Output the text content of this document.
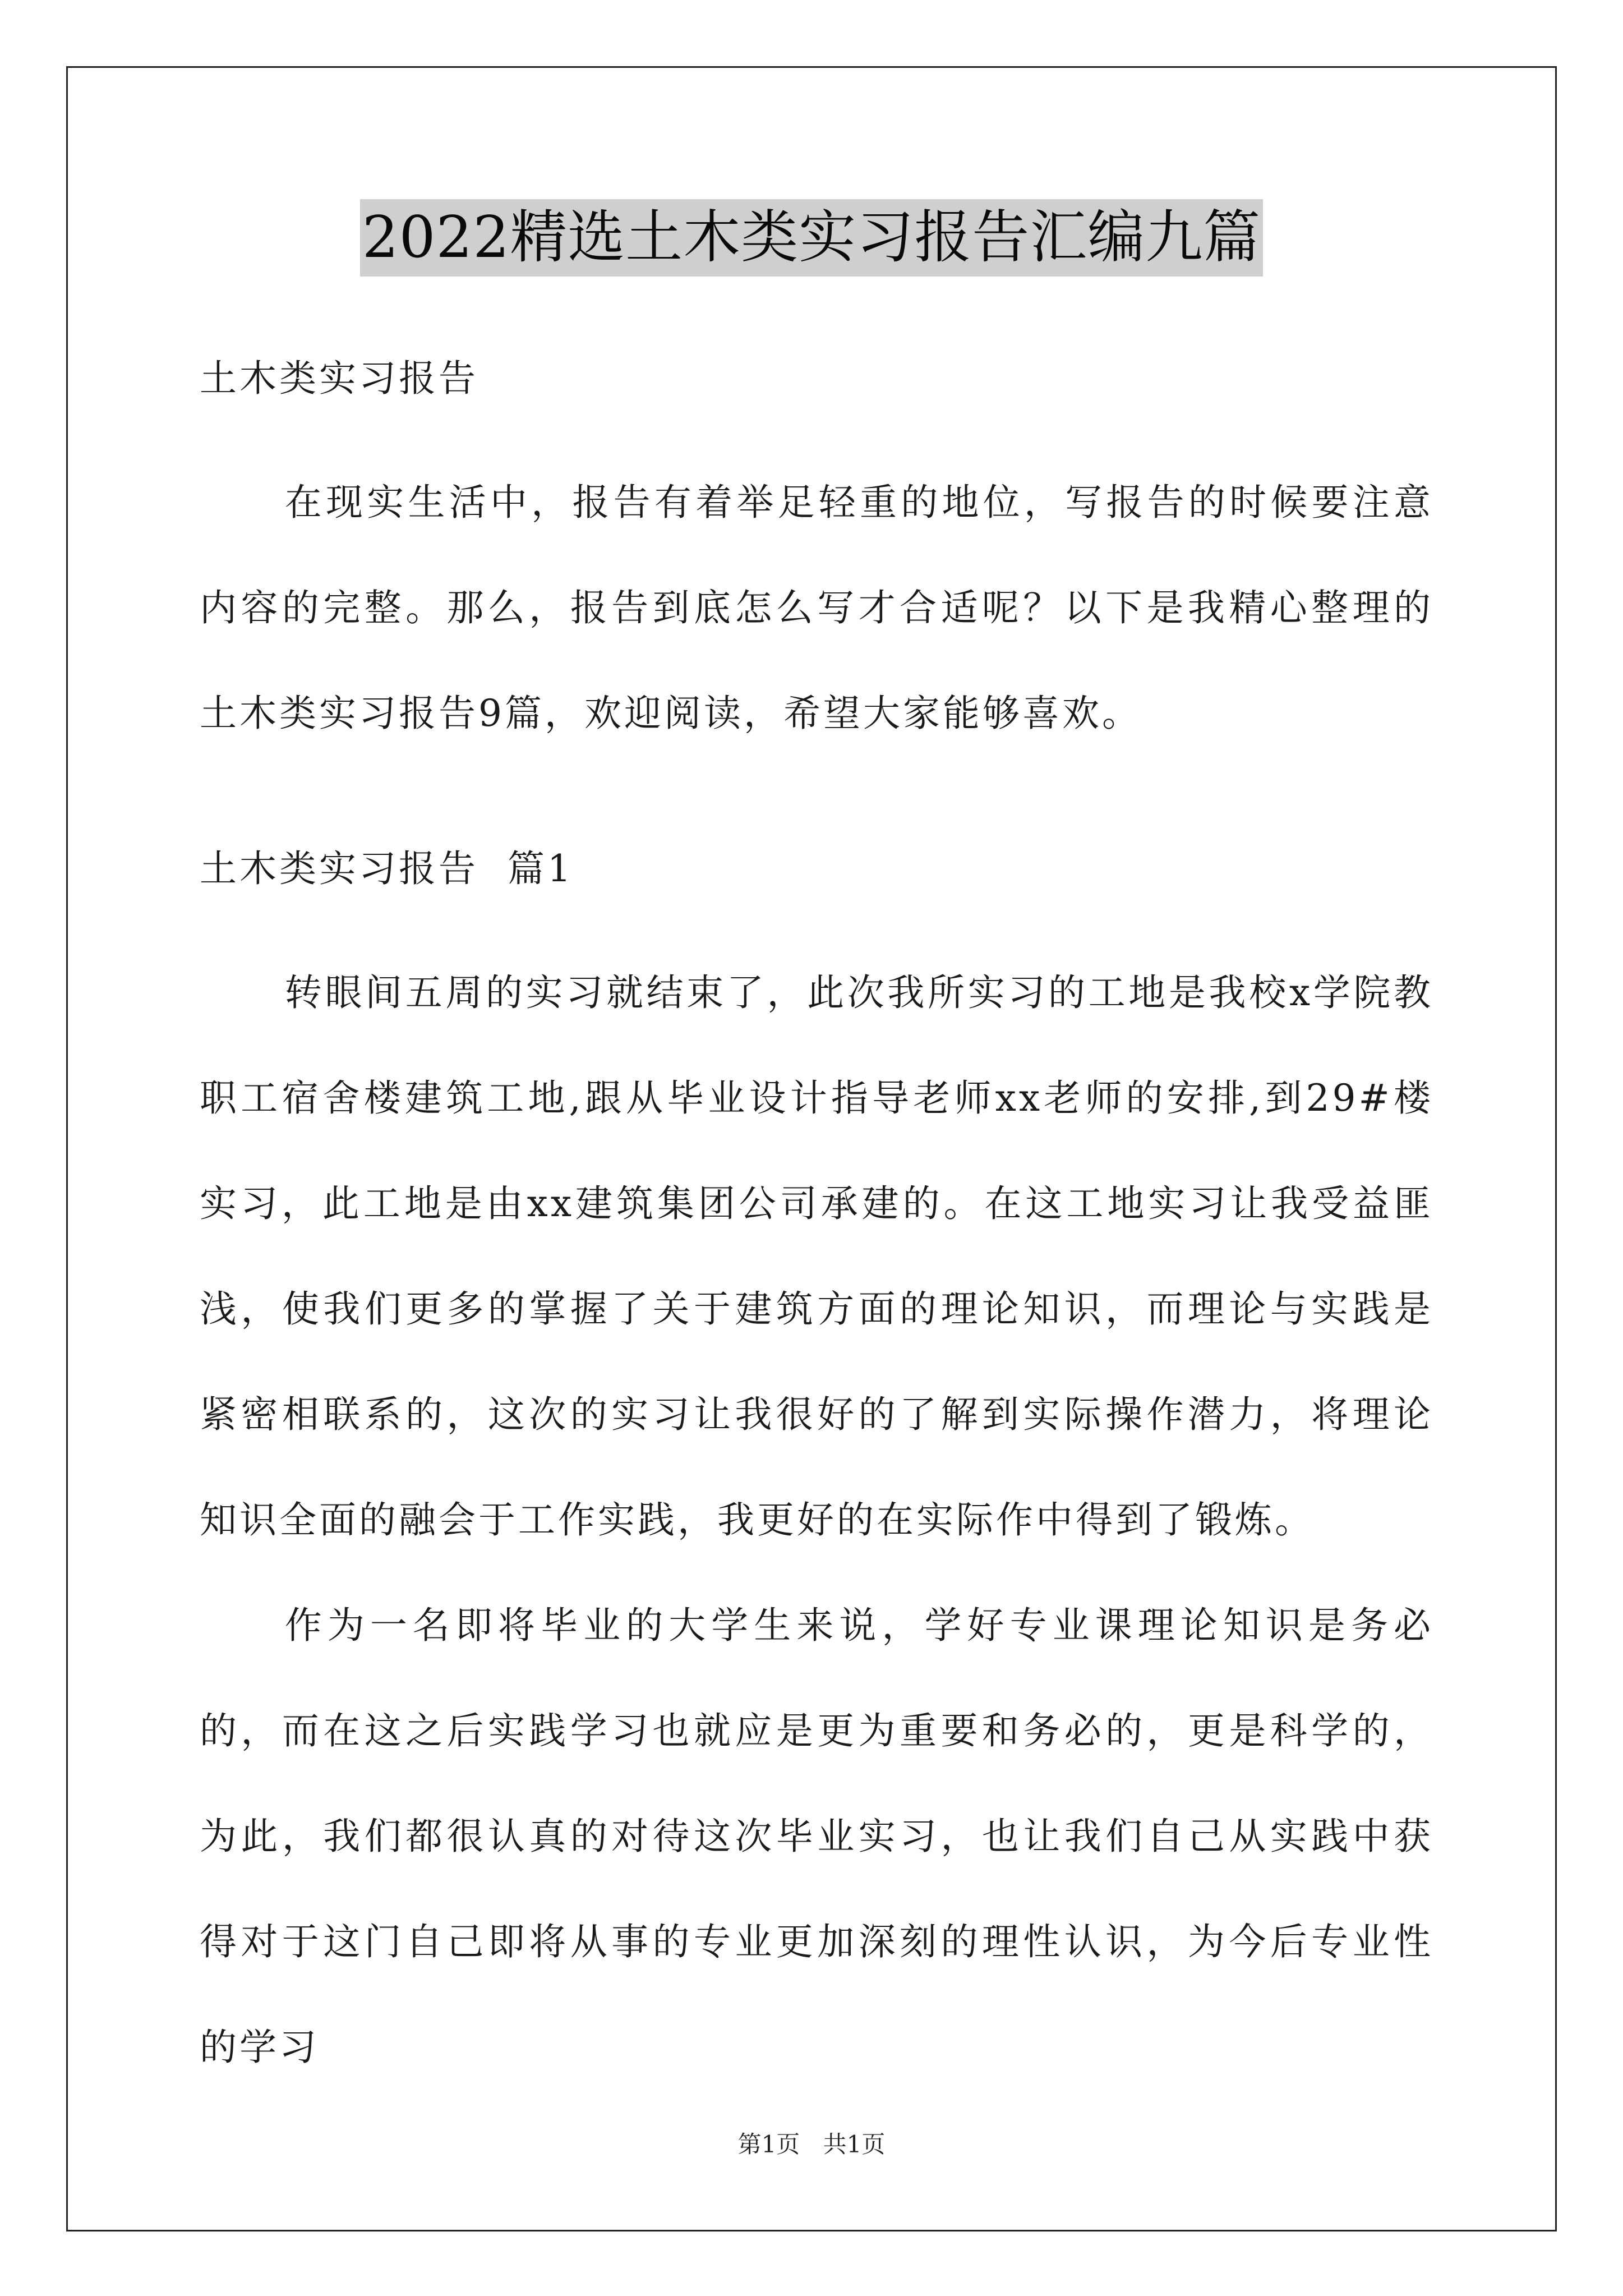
2022精选土木类实习报告汇编九篇
土木类实习报告

在现实生活中，报告有着举足轻重的地位，写报告的时候要注意内容的完整。那么，报告到底怎么写才合适呢？以下是我精心整理的土木类实习报告9篇，欢迎阅读，希望大家能够喜欢。

土木类实习报告  篇1

转眼间五周的实习就结束了，此次我所实习的工地是我校x学院教职工宿舍楼建筑工地,跟从毕业设计指导老师xx老师的安排,到29#楼实习，此工地是由xx建筑集团公司承建的。在这工地实习让我受益匪浅，使我们更多的掌握了关于建筑方面的理论知识，而理论与实践是紧密相联系的，这次的实习让我很好的了解到实际操作潜力，将理论知识全面的融会于工作实践，我更好的在实际作中得到了锻炼。

作为一名即将毕业的大学生来说，学好专业课理论知识是务必的，而在这之后实践学习也就应是更为重要和务必的，更是科学的，为此，我们都很认真的对待这次毕业实习，也让我们自己从实践中获得对于这门自己即将从事的专业更加深刻的理性认识，为今后专业性的学习

第1页 共1页
